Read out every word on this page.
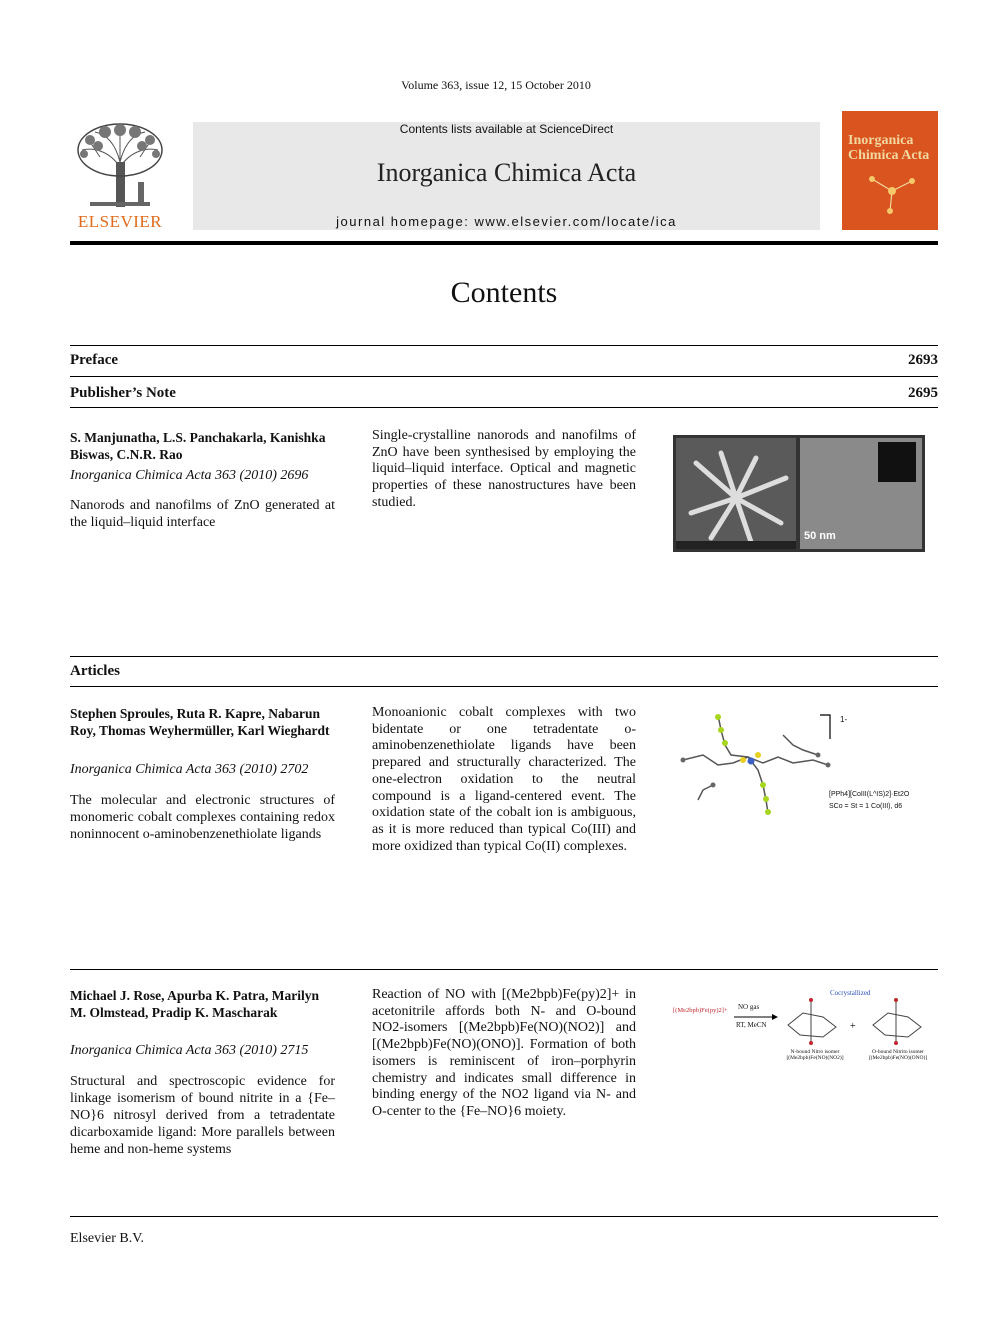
Volume 363, issue 12, 15 October 2010
ELSEVIER
Contents lists available at ScienceDirect
Inorganica Chimica Acta
journal homepage: www.elsevier.com/locate/ica
Inorganica
Chimica Acta
Contents
Preface	2693
Publisher’s Note	2695
S. Manjunatha, L.S. Panchakarla, Kanishka Biswas, C.N.R. Rao
Inorganica Chimica Acta 363 (2010) 2696
Nanorods and nanofilms of ZnO generated at the liquid–liquid interface
Single-crystalline nanorods and nanofilms of ZnO have been synthesised by employing the liquid–liquid interface. Optical and magnetic properties of these nanostructures have been studied.
50 nm
Articles
Stephen Sproules, Ruta R. Kapre, Nabarun Roy, Thomas Weyhermüller, Karl Wieghardt
Inorganica Chimica Acta 363 (2010) 2702
The molecular and electronic structures of monomeric cobalt complexes containing redox noninnocent o-aminobenzenethiolate ligands
Monoanionic cobalt complexes with two bidentate or one tetradentate o-aminobenzenethiolate ligands have been prepared and structurally characterized. The one-electron oxidation to the neutral compound is a ligand-centered event. The oxidation state of the cobalt ion is ambiguous, as it is more reduced than typical Co(III) and more oxidized than typical Co(II) complexes.
1-
[PPh4][CoIII(L^IS)2]·Et2O
SCo = St = 1 Co(III), d6
Michael J. Rose, Apurba K. Patra, Marilyn M. Olmstead, Pradip K. Mascharak
Inorganica Chimica Acta 363 (2010) 2715
Structural and spectroscopic evidence for linkage isomerism of bound nitrite in a {Fe–NO}6 nitrosyl derived from a tetradentate dicarboxamide ligand: More parallels between heme and non-heme systems
Reaction of NO with [(Me2bpb)Fe(py)2]+ in acetonitrile affords both N- and O-bound NO2-isomers [(Me2bpb)Fe(NO)(NO2)] and [(Me2bpb)Fe(NO)(ONO)]. Formation of both isomers is reminiscent of iron–porphyrin chemistry and indicates small difference in binding energy of the NO2 ligand via N- and O-center to the {Fe–NO}6 moiety.
[(Me2bpb)Fe(py)2]+ NO gas
RT, MeCN
Cocrystallized
+
N-bound Nitro isomer
[(Me2bpb)Fe(NO)(NO2)]
O-bound Nitrito isomer
[(Me2bpb)Fe(NO)(ONO)]
Elsevier B.V.
